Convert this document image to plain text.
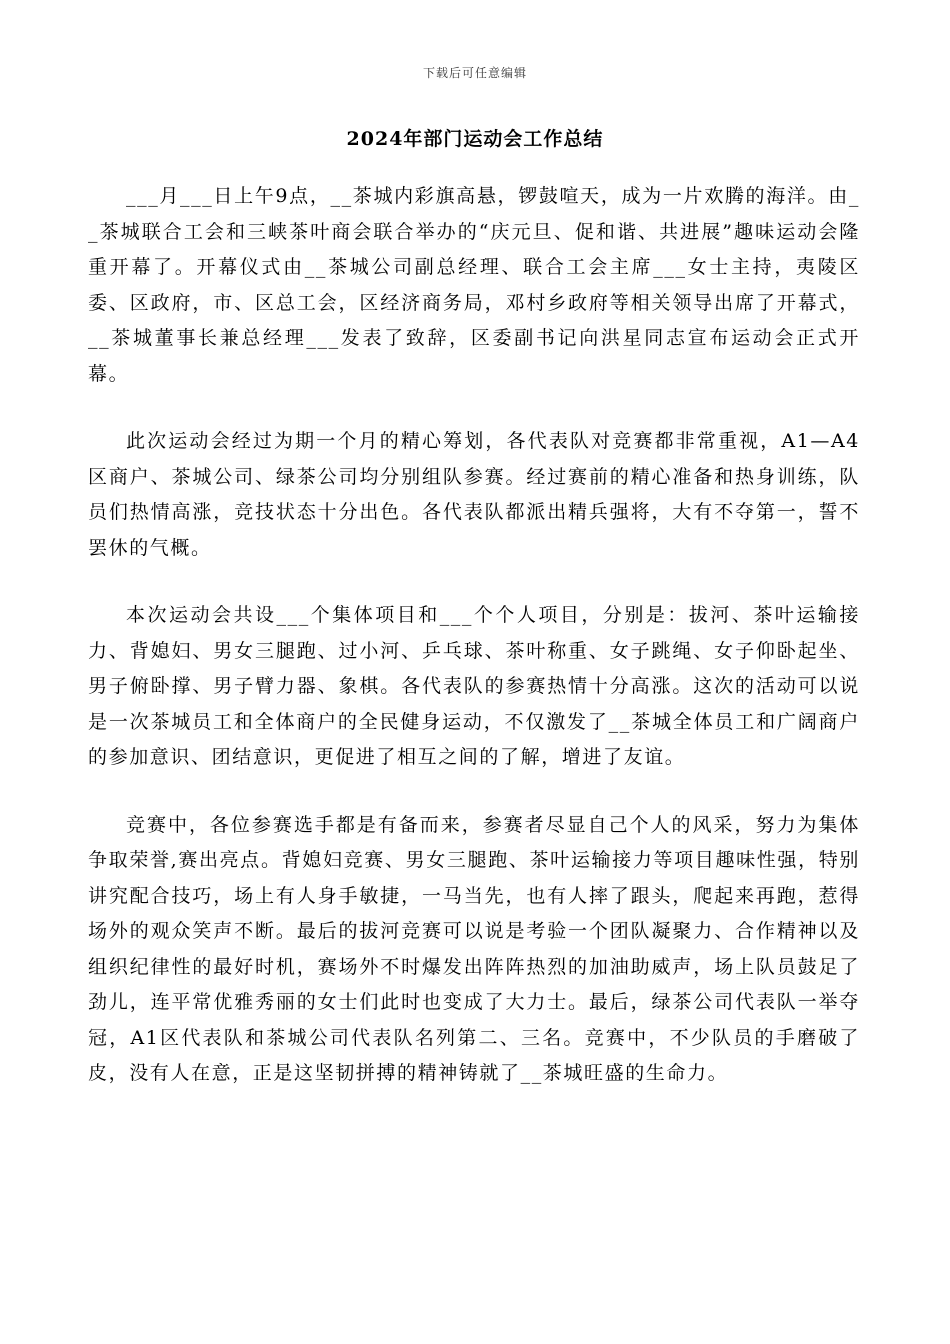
下载后可任意编辑
2024年部门运动会工作总结

___月___日上午9点，__茶城内彩旗高悬，锣鼓喧天，成为一片欢腾的海洋。由__茶城联合工会和三峡茶叶商会联合举办的“庆元旦、促和谐、共进展”趣味运动会隆重开幕了。开幕仪式由__茶城公司副总经理、联合工会主席___女士主持，夷陵区委、区政府，市、区总工会，区经济商务局，邓村乡政府等相关领导出席了开幕式，__茶城董事长兼总经理___发表了致辞，区委副书记向洪星同志宣布运动会正式开幕。

此次运动会经过为期一个月的精心筹划，各代表队对竞赛都非常重视，A1—A4区商户、茶城公司、绿茶公司均分别组队参赛。经过赛前的精心准备和热身训练，队员们热情高涨，竞技状态十分出色。各代表队都派出精兵强将，大有不夺第一，誓不罢休的气概。

本次运动会共设___个集体项目和___个个人项目，分别是：拔河、茶叶运输接力、背媳妇、男女三腿跑、过小河、乒乓球、茶叶称重、女子跳绳、女子仰卧起坐、男子俯卧撑、男子臂力器、象棋。各代表队的参赛热情十分高涨。这次的活动可以说是一次茶城员工和全体商户的全民健身运动，不仅激发了__茶城全体员工和广阔商户的参加意识、团结意识，更促进了相互之间的了解，增进了友谊。

竞赛中，各位参赛选手都是有备而来，参赛者尽显自己个人的风采，努力为集体争取荣誉,赛出亮点。背媳妇竞赛、男女三腿跑、茶叶运输接力等项目趣味性强，特别讲究配合技巧，场上有人身手敏捷，一马当先，也有人摔了跟头，爬起来再跑，惹得场外的观众笑声不断。最后的拔河竞赛可以说是考验一个团队凝聚力、合作精神以及组织纪律性的最好时机，赛场外不时爆发出阵阵热烈的加油助威声，场上队员鼓足了劲儿，连平常优雅秀丽的女士们此时也变成了大力士。最后，绿茶公司代表队一举夺冠，A1区代表队和茶城公司代表队名列第二、三名。竞赛中，不少队员的手磨破了皮，没有人在意，正是这坚韧拼搏的精神铸就了__茶城旺盛的生命力。
